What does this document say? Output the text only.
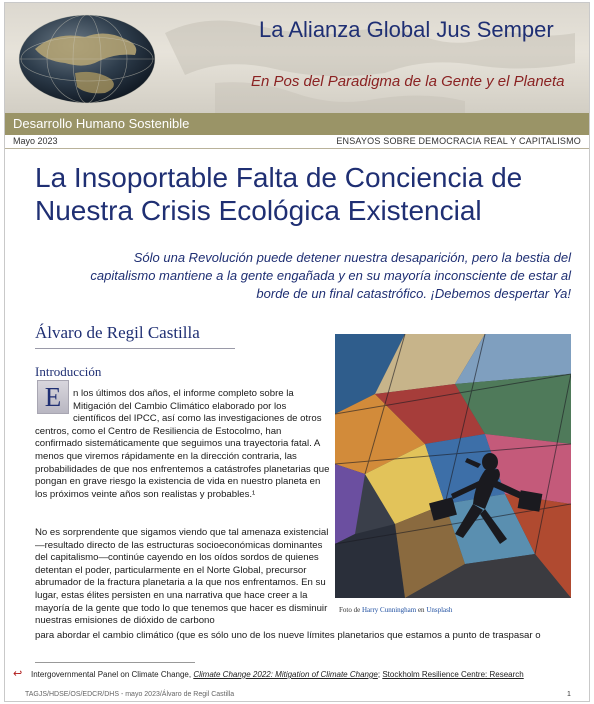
La Alianza Global Jus Semper
En Pos del Paradigma de la Gente y el Planeta
Desarrollo Humano Sostenible
Mayo 2023	ENSAYOS SOBRE DEMOCRACIA REAL Y CAPITALISMO
La Insoportable Falta de Conciencia de
Nuestra Crisis Ecológica Existencial
Sólo una Revolución puede detener nuestra desaparición, pero la bestia del
capitalismo mantiene a la gente engañada y en su mayoría inconsciente de estar al
borde de un final catastrófico. ¡Debemos despertar Ya!
Álvaro de Regil Castilla
Introducción
E	n los últimos dos años, el informe completo sobre la Mitigación del Cambio Climático elaborado por los científicos del IPCC, así como las investigaciones de otros centros, como el Centro de Resiliencia de Estocolmo, han confirmado sistemáticamente que seguimos una trayectoria fatal. A menos que viremos rápidamente en la dirección contraria, las probabilidades de que nos enfrentemos a catástrofes planetarias que pongan en grave riesgo la existencia de vida en nuestro planeta en los próximos veinte años son realistas y probables.¹
No es sorprendente que sigamos viendo que tal amenaza existencial—resultado directo de las estructuras socioeconómicas dominantes del capitalismo—continúe cayendo en los oídos sordos de quienes detentan el poder, particularmente en el Norte Global, precursor abrumador de la fractura planetaria a la que nos enfrentamos. En su lugar, estas élites persisten en una narrativa que hace creer a la mayoría de la gente que todo lo que tenemos que hacer es disminuir nuestras emisiones de dióxido de carbono
para abordar el cambio climático (que es sólo uno de los nueve límites planetarios que estamos a punto de traspasar o
Foto de Harry Cunningham en Unsplash
↩ Intergovernmental Panel on Climate Change, Climate Change 2022: Mitigation of Climate Change; Stockholm Resilience Centre: Research
TAGJS/HDSE/OS/EDCR/DHS - mayo 2023/Álvaro de Regil Castilla	1
